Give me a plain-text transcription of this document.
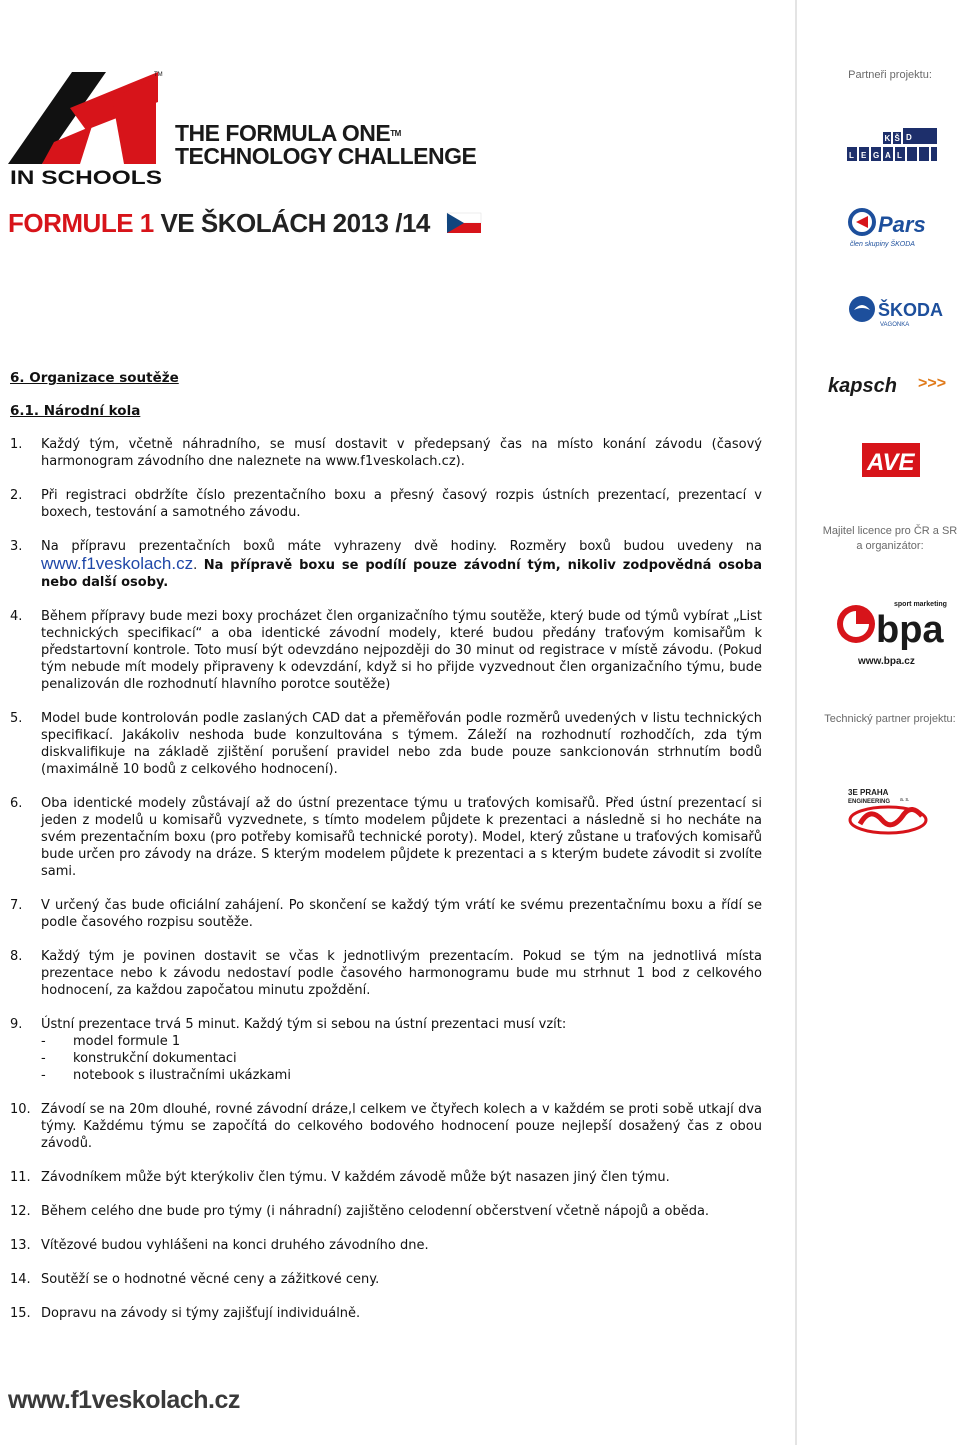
TM
IN SCHOOLS
THE FORMULA ONE™
TECHNOLOGY CHALLENGE
FORMULE 1 VE ŠKOLÁCH 2013 /14
Partneři projektu:
K Š D
L E G A L
Pars
člen skupiny ŠKODA
ŠKODA
VAGONKA
kapsch >>>
AVE
Majitel licence pro ČR a SR a organizátor:
sport marketing
bpa
www.bpa.cz
Technický partner projektu:
3E PRAHA
ENGINEERING a. s.

6. Organizace soutěže

6.1. Národní kola

1. Každý tým, včetně náhradního, se musí dostavit v předepsaný čas na místo konání závodu (časový harmonogram závodního dne naleznete na www.f1veskolach.cz).
2. Při registraci obdržíte číslo prezentačního boxu a přesný časový rozpis ústních prezentací, prezentací v boxech, testování a samotného závodu.
3. Na přípravu prezentačních boxů máte vyhrazeny dvě hodiny. Rozměry boxů budou uvedeny na www.f1veskolach.cz. Na přípravě boxu se podílí pouze závodní tým, nikoliv zodpovědná osoba nebo další osoby.
4. Během přípravy bude mezi boxy procházet člen organizačního týmu soutěže, který bude od týmů vybírat „List technických specifikací“ a oba identické závodní modely, které budou předány traťovým komisařům k předstartovní kontrole. Toto musí být odevzdáno nejpozději do 30 minut od registrace v místě závodu. (Pokud tým nebude mít modely připraveny k odevzdání, když si ho přijde vyzvednout člen organizačního týmu, bude penalizován dle rozhodnutí hlavního porotce soutěže)
5. Model bude kontrolován podle zaslaných CAD dat a přeměřován podle rozměrů uvedených v listu technických specifikací. Jakákoliv neshoda bude konzultována s týmem. Záleží na rozhodnutí rozhodčích, zda tým diskvalifikuje na základě zjištění porušení pravidel nebo zda bude pouze sankcionován strhnutím bodů (maximálně 10 bodů z celkového hodnocení).
6. Oba identické modely zůstávají až do ústní prezentace týmu u traťových komisařů. Před ústní prezentací si jeden z modelů u komisařů vyzvednete, s tímto modelem půjdete k prezentaci a následně si ho necháte na svém prezentačním boxu (pro potřeby komisařů technické poroty). Model, který zůstane u traťových komisařů bude určen pro závody na dráze. S kterým modelem půjdete k prezentaci a s kterým budete závodit si zvolíte sami.
7. V určený čas bude oficiální zahájení. Po skončení se každý tým vrátí ke svému prezentačnímu boxu a řídí se podle časového rozpisu soutěže.
8. Každý tým je povinen dostavit se včas k jednotlivým prezentacím. Pokud se tým na jednotlivá místa prezentace nebo k závodu nedostaví podle časového harmonogramu bude mu strhnut 1 bod z celkového hodnocení, za každou započatou minutu zpoždění.
9. Ústní prezentace trvá 5 minut. Každý tým si sebou na ústní prezentaci musí vzít:
- model formule 1
- konstrukční dokumentaci
- notebook s ilustračními ukázkami
10. Závodí se na 20m dlouhé, rovné závodní dráze,l celkem ve čtyřech kolech a v každém se proti sobě utkají dva týmy. Každému týmu se započítá do celkového bodového hodnocení pouze nejlepší dosažený čas z obou závodů.
11. Závodníkem může být kterýkoliv člen týmu. V každém závodě může být nasazen jiný člen týmu.
12. Během celého dne bude pro týmy (i náhradní) zajištěno celodenní občerstvení včetně nápojů a oběda.
13. Vítězové budou vyhlášeni na konci druhého závodního dne.
14. Soutěží se o hodnotné věcné ceny a zážitkové ceny.
15. Dopravu na závody si týmy zajišťují individuálně.
www.f1veskolach.cz
